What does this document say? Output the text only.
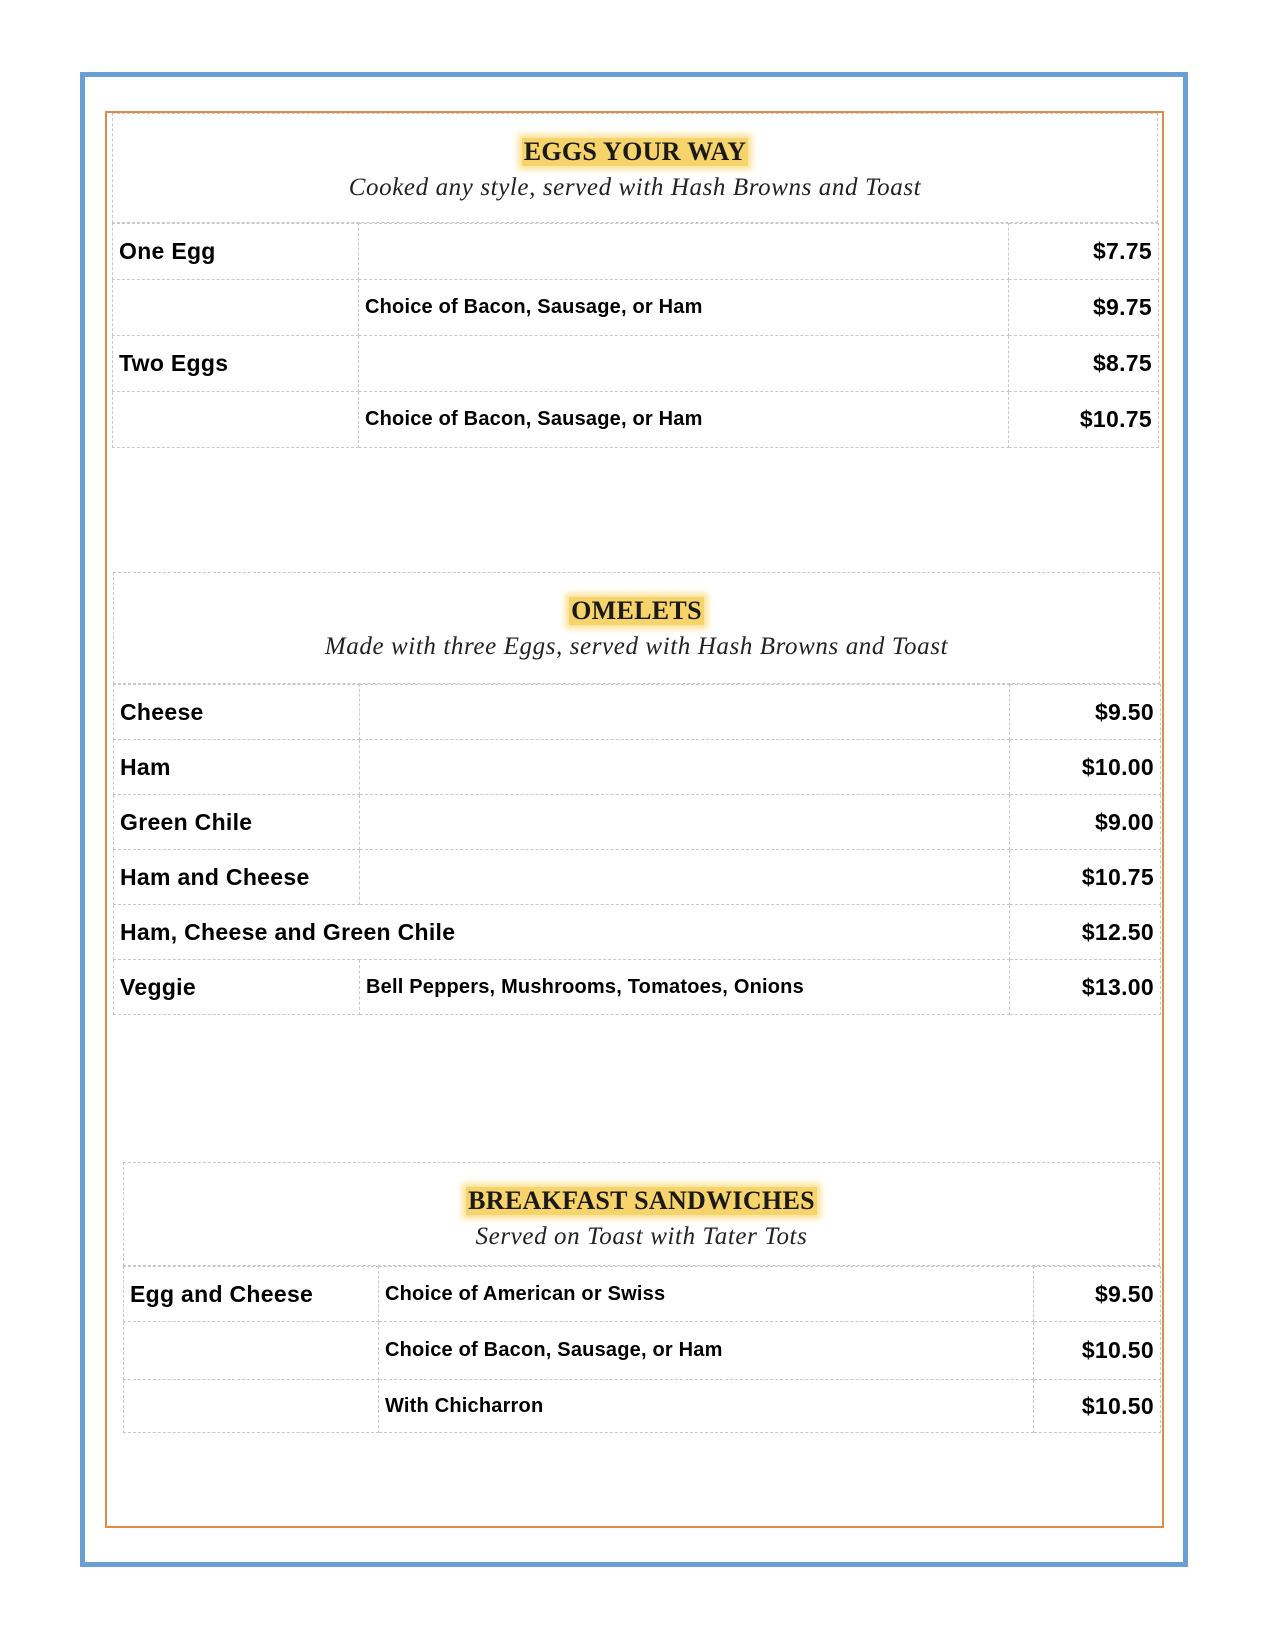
EGGS YOUR WAY
Cooked any style, served with Hash Browns and Toast
One Egg		$7.75
	Choice of Bacon, Sausage, or Ham	$9.75
Two Eggs		$8.75
	Choice of Bacon, Sausage, or Ham	$10.75
OMELETS
Made with three Eggs, served with Hash Browns and Toast
Cheese		$9.50
Ham		$10.00
Green Chile		$9.00
Ham and Cheese		$10.75
Ham, Cheese and Green Chile		$12.50
Veggie	Bell Peppers, Mushrooms, Tomatoes, Onions	$13.00
BREAKFAST SANDWICHES
Served on Toast with Tater Tots
Egg and Cheese	Choice of American or Swiss	$9.50
	Choice of Bacon, Sausage, or Ham	$10.50
	With Chicharron	$10.50
